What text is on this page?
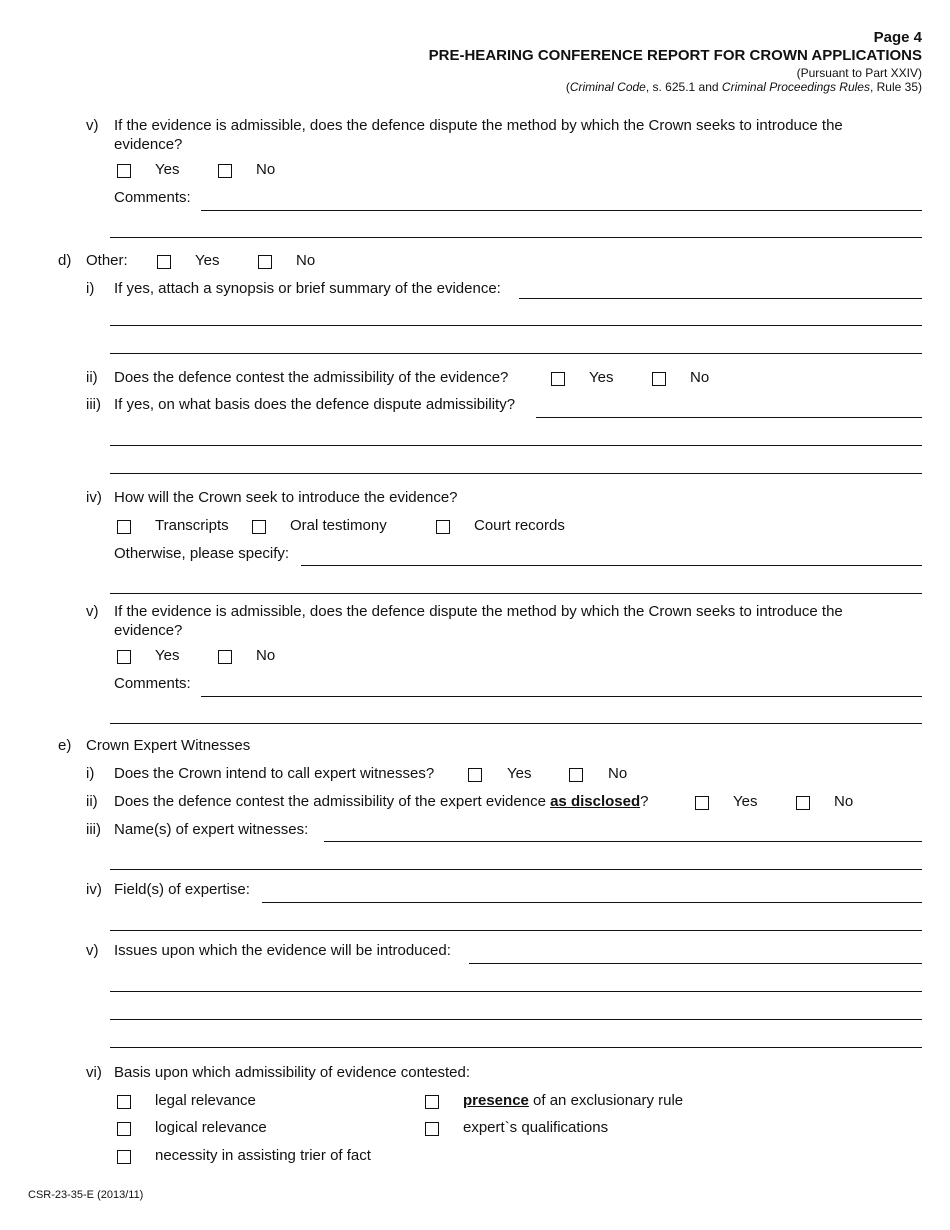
Page 4
PRE-HEARING CONFERENCE REPORT FOR CROWN APPLICATIONS
(Pursuant to Part XXIV)
(Criminal Code, s. 625.1 and Criminal Proceedings Rules, Rule 35)
v) If the evidence is admissible, does the defence dispute the method by which the Crown seeks to introduce the
evidence?
Yes	No
Comments:
d) Other:	Yes	No
i) If yes, attach a synopsis or brief summary of the evidence:
ii) Does the defence contest the admissibility of the evidence?	Yes	No
iii) If yes, on what basis does the defence dispute admissibility?
iv) How will the Crown seek to introduce the evidence?
Transcripts	Oral testimony	Court records
Otherwise, please specify:
v) If the evidence is admissible, does the defence dispute the method by which the Crown seeks to introduce the
evidence?
Yes	No
Comments:
e) Crown Expert Witnesses
i) Does the Crown intend to call expert witnesses?	Yes	No
ii) Does the defence contest the admissibility of the expert evidence as disclosed?	Yes	No
iii) Name(s) of expert witnesses:
iv) Field(s) of expertise:
v) Issues upon which the evidence will be introduced:
vi) Basis upon which admissibility of evidence contested:
legal relevance	presence of an exclusionary rule
logical relevance	expert`s qualifications
necessity in assisting trier of fact
CSR-23-35-E (2013/11)
